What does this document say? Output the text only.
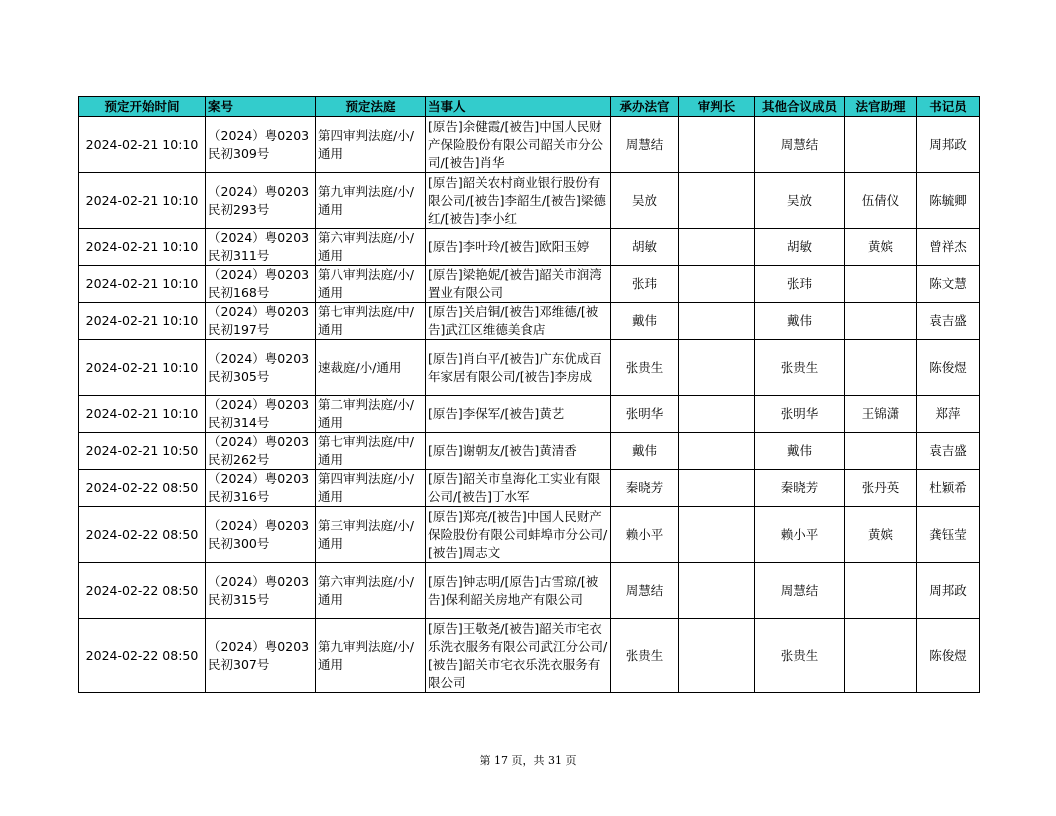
预定开始时间	案号	预定法庭	当事人	承办法官	审判长	其他合议成员	法官助理	书记员
2024-02-21 10:10	（2024）粤0203民初309号	第四审判法庭/小/通用	[原告]余健霞/[被告]中国人民财产保险股份有限公司韶关市分公司/[被告]肖华	周慧结		周慧结		周邦政
2024-02-21 10:10	（2024）粤0203民初293号	第九审判法庭/小/通用	[原告]韶关农村商业银行股份有限公司/[被告]李韶生/[被告]梁德红/[被告]李小红	吴放		吴放	伍倩仪	陈毓卿
2024-02-21 10:10	（2024）粤0203民初311号	第六审判法庭/小/通用	[原告]李叶玲/[被告]欧阳玉婷	胡敏		胡敏	黄嫔	曾祥杰
2024-02-21 10:10	（2024）粤0203民初168号	第八审判法庭/小/通用	[原告]梁艳妮/[被告]韶关市润湾置业有限公司	张玮		张玮		陈文慧
2024-02-21 10:10	（2024）粤0203民初197号	第七审判法庭/中/通用	[原告]关启铜/[被告]邓维德/[被告]武江区维德美食店	戴伟		戴伟		袁吉盛
2024-02-21 10:10	（2024）粤0203民初305号	速裁庭/小/通用	[原告]肖白平/[被告]广东优成百年家居有限公司/[被告]李房成	张贵生		张贵生		陈俊煜
2024-02-21 10:10	（2024）粤0203民初314号	第二审判法庭/小/通用	[原告]李保军/[被告]黄艺	张明华		张明华	王锦潇	郑萍
2024-02-21 10:50	（2024）粤0203民初262号	第七审判法庭/中/通用	[原告]谢朝友/[被告]黄清香	戴伟		戴伟		袁吉盛
2024-02-22 08:50	（2024）粤0203民初316号	第四审判法庭/小/通用	[原告]韶关市皇海化工实业有限公司/[被告]丁水军	秦晓芳		秦晓芳	张丹英	杜颖希
2024-02-22 08:50	（2024）粤0203民初300号	第三审判法庭/小/通用	[原告]郑亮/[被告]中国人民财产保险股份有限公司蚌埠市分公司/[被告]周志文	赖小平		赖小平	黄嫔	龚钰莹
2024-02-22 08:50	（2024）粤0203民初315号	第六审判法庭/小/通用	[原告]钟志明/[原告]古雪琼/[被告]保利韶关房地产有限公司	周慧结		周慧结		周邦政
2024-02-22 08:50	（2024）粤0203民初307号	第九审判法庭/小/通用	[原告]王敬尧/[被告]韶关市宅衣乐洗衣服务有限公司武江分公司/[被告]韶关市宅衣乐洗衣服务有限公司	张贵生		张贵生		陈俊煜
第 17 页，共 31 页
